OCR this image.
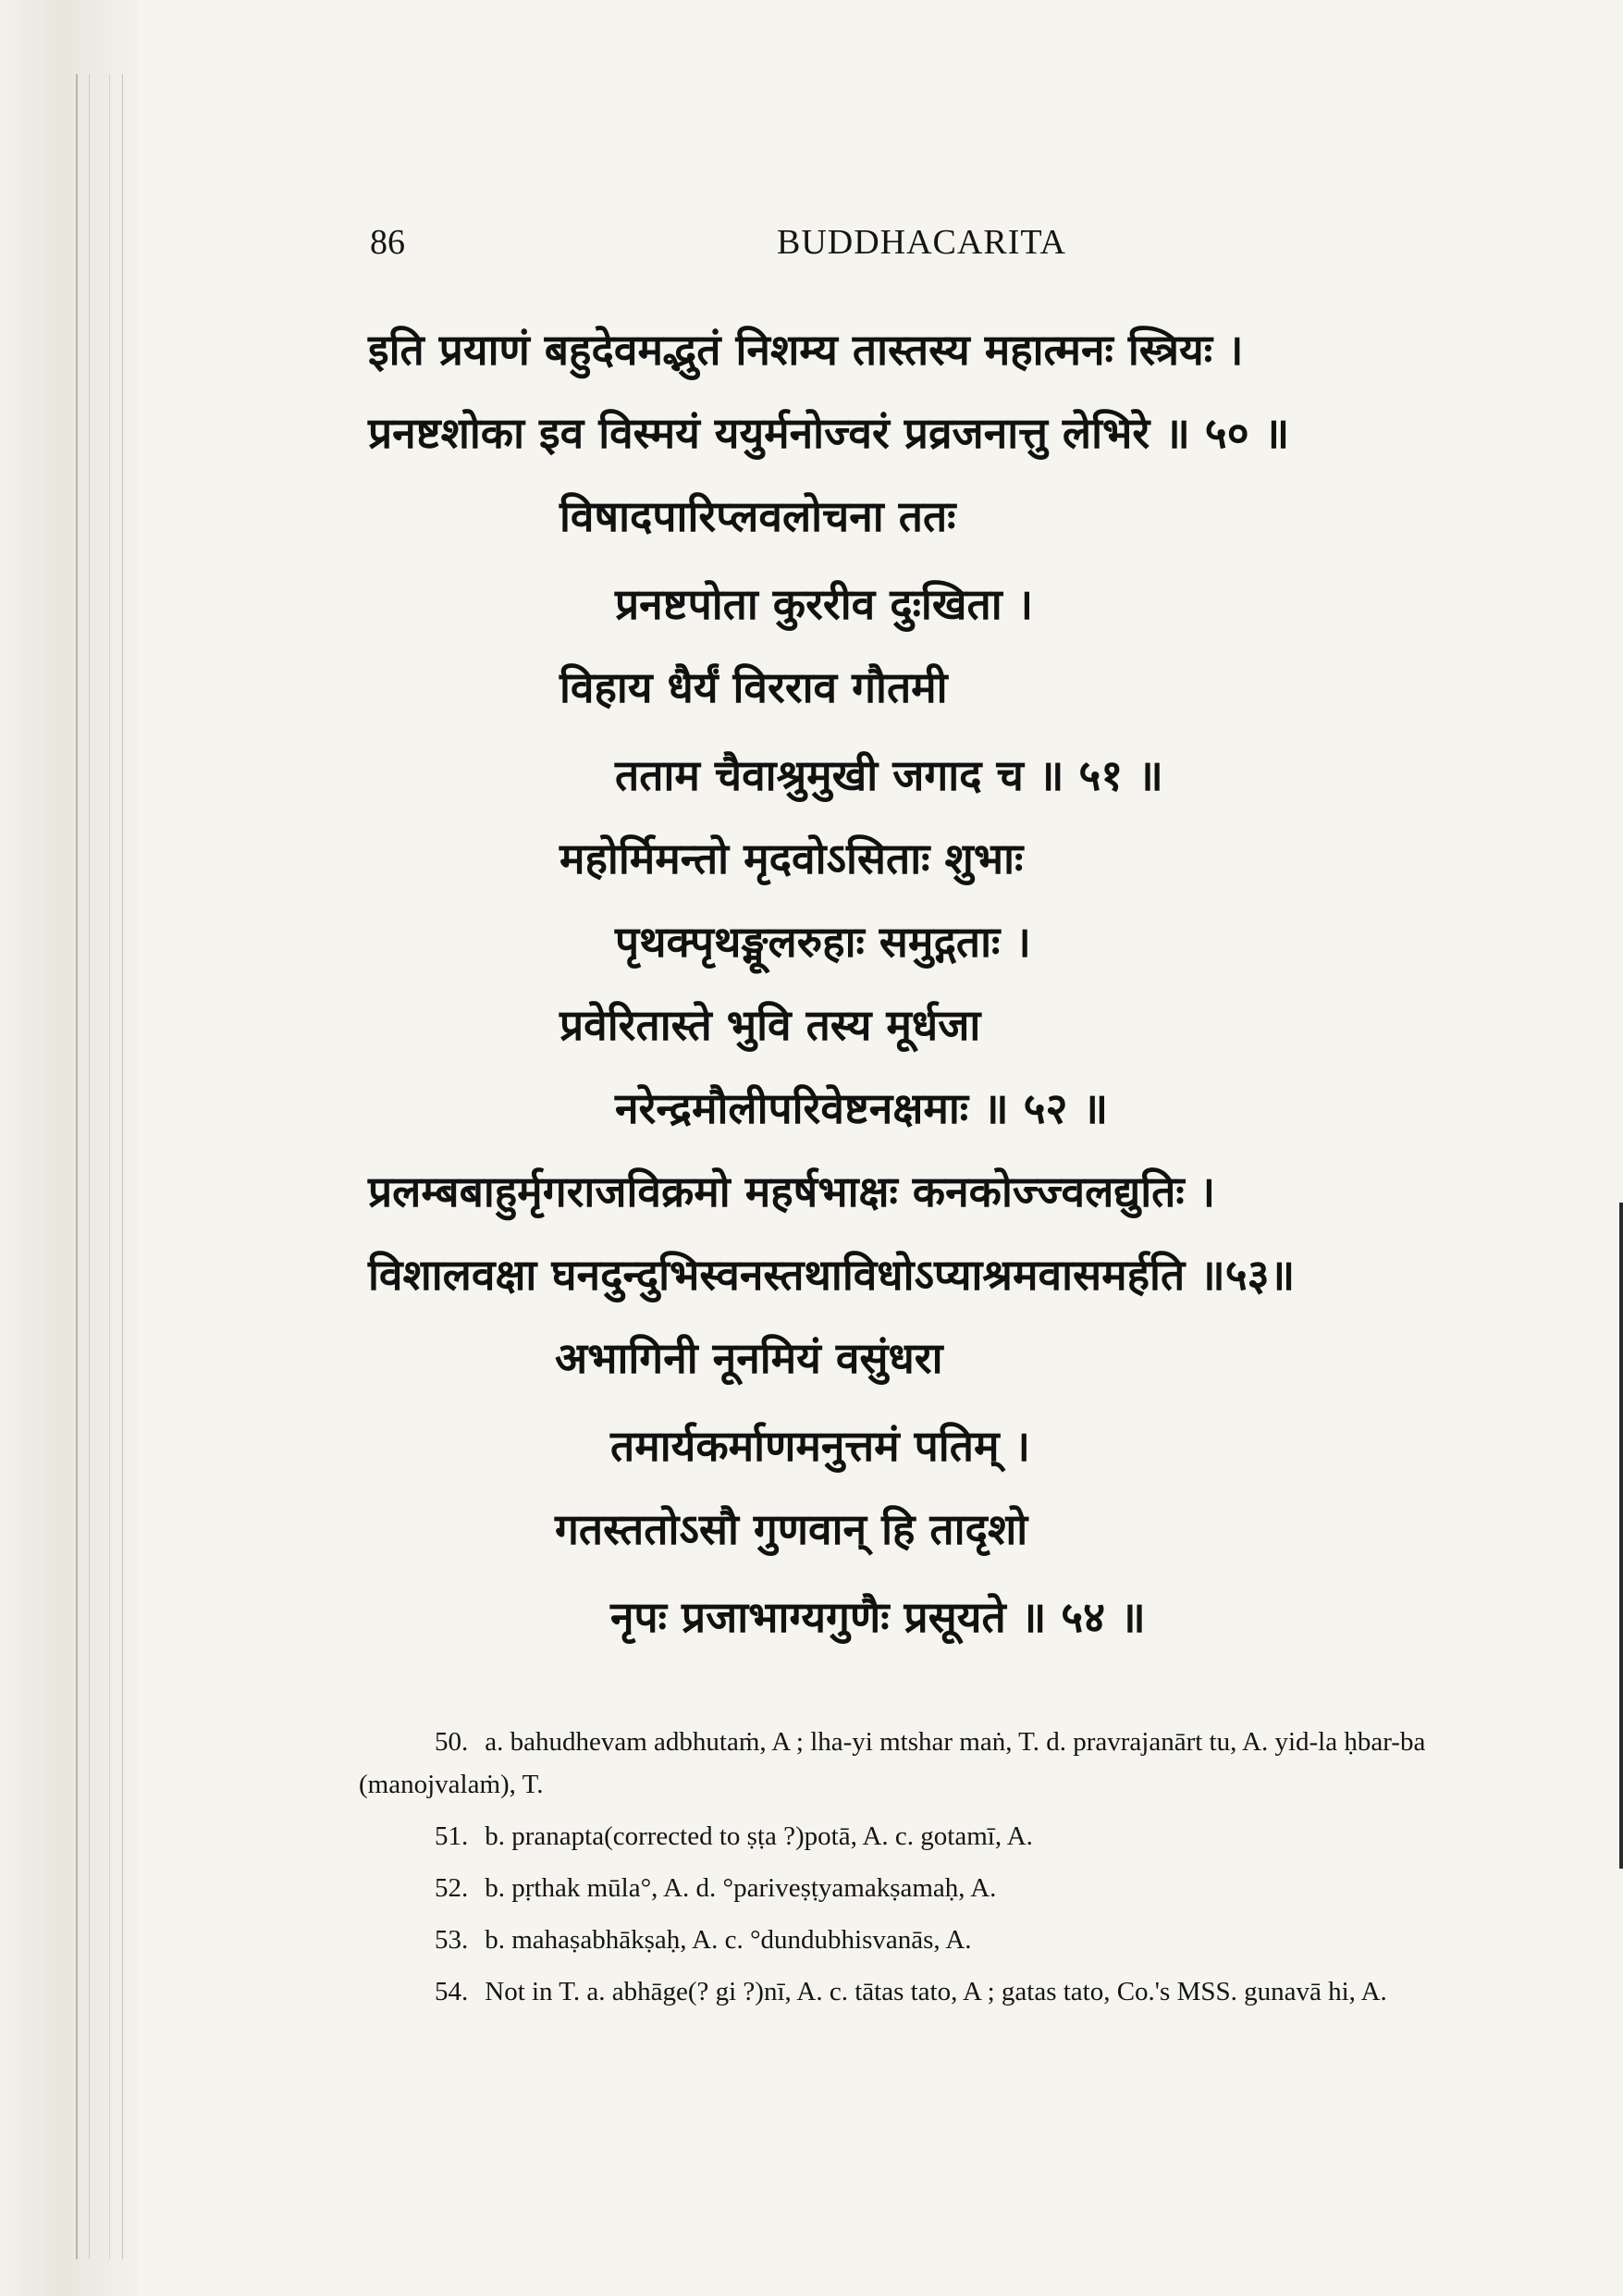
86	BUDDHACARITA
इति प्रयाणं बहुदेवमद्भुतं निशम्य तास्तस्य महात्मनः स्त्रियः ।
प्रनष्टशोका इव विस्मयं ययुर्मनोज्वरं प्रव्रजनात्तु लेभिरे ॥ ५० ॥
विषादपारिप्लवलोचना ततः
प्रनष्टपोता कुररीव दुःखिता ।
विहाय धैर्यं विरराव गौतमी
तताम चैवाश्रुमुखी जगाद च ॥ ५१ ॥
महोर्मिमन्तो मृदवोऽसिताः शुभाः
पृथक्पृथङ्मूलरुहाः समुद्गताः ।
प्रवेरितास्ते भुवि तस्य मूर्धजा
नरेन्द्रमौलीपरिवेष्टनक्षमाः ॥ ५२ ॥
प्रलम्बबाहुर्मृगराजविक्रमो महर्षभाक्षः कनकोज्ज्वलद्युतिः ।
विशालवक्षा घनदुन्दुभिस्वनस्तथाविधोऽप्याश्रमवासमर्हति ॥५३॥
अभागिनी नूनमियं वसुंधरा
तमार्यकर्माणमनुत्तमं पतिम् ।
गतस्ततोऽसौ गुणवान् हि तादृशो
नृपः प्रजाभाग्यगुणैः प्रसूयते ॥ ५४ ॥

50. a. bahudhevam adbhutaṁ, A ; lha-yi mtshar maṅ, T. d. pravrajanārt tu, A. yid-la ḥbar-ba (manojvalaṁ), T.

51. b. pranapta(corrected to ṣṭa ?)potā, A. c. gotamī, A.

52. b. pṛthak mūla°, A. d. °pariveṣṭyamakṣamaḥ, A.

53. b. mahaṣabhākṣaḥ, A. c. °dundubhisvanās, A.

54. Not in T. a. abhāge(? gi ?)nī, A. c. tātas tato, A ; gatas tato, Co.'s MSS. gunavā hi, A.
